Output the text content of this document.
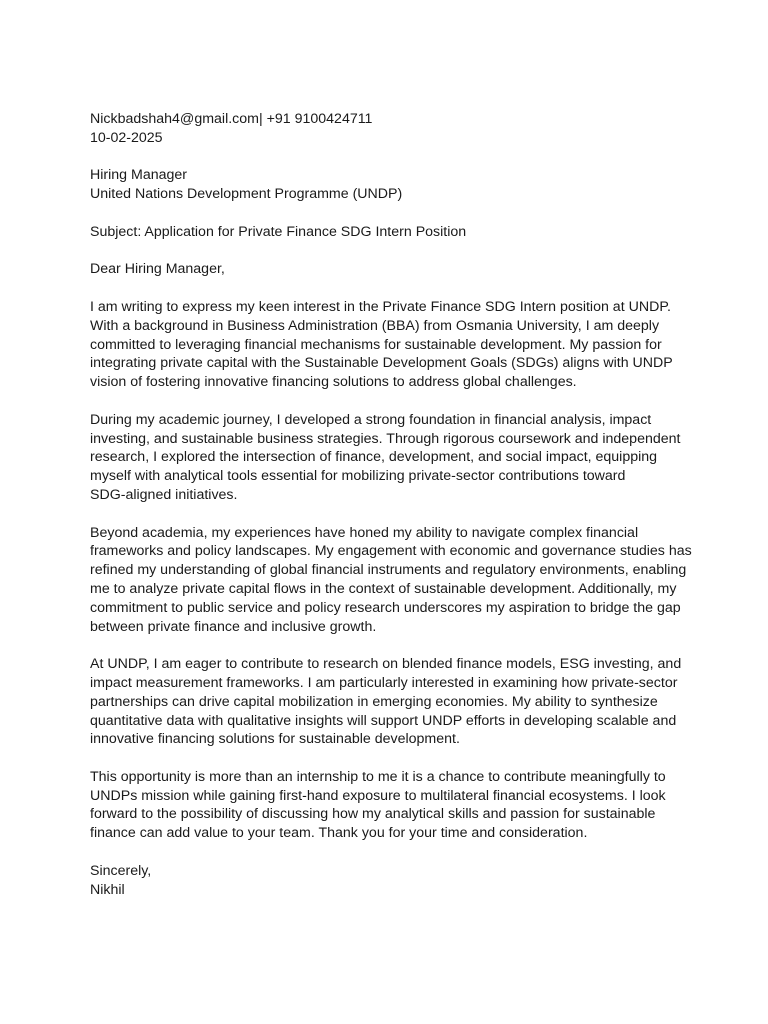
Nickbadshah4@gmail.com| +91 9100424711
10-02-2025
Hiring Manager
United Nations Development Programme (UNDP)
Subject: Application for Private Finance SDG Intern Position
Dear Hiring Manager,
I am writing to express my keen interest in the Private Finance SDG Intern position at UNDP.
With a background in Business Administration (BBA) from Osmania University, I am deeply
committed to leveraging financial mechanisms for sustainable development. My passion for
integrating private capital with the Sustainable Development Goals (SDGs) aligns with UNDP
vision of fostering innovative financing solutions to address global challenges.
During my academic journey, I developed a strong foundation in financial analysis, impact
investing, and sustainable business strategies. Through rigorous coursework and independent
research, I explored the intersection of finance, development, and social impact, equipping
myself with analytical tools essential for mobilizing private-sector contributions toward
SDG-aligned initiatives.
Beyond academia, my experiences have honed my ability to navigate complex financial
frameworks and policy landscapes. My engagement with economic and governance studies has
refined my understanding of global financial instruments and regulatory environments, enabling
me to analyze private capital flows in the context of sustainable development. Additionally, my
commitment to public service and policy research underscores my aspiration to bridge the gap
between private finance and inclusive growth.
At UNDP, I am eager to contribute to research on blended finance models, ESG investing, and
impact measurement frameworks. I am particularly interested in examining how private-sector
partnerships can drive capital mobilization in emerging economies. My ability to synthesize
quantitative data with qualitative insights will support UNDP efforts in developing scalable and
innovative financing solutions for sustainable development.
This opportunity is more than an internship to me it is a chance to contribute meaningfully to
UNDPs mission while gaining first-hand exposure to multilateral financial ecosystems. I look
forward to the possibility of discussing how my analytical skills and passion for sustainable
finance can add value to your team. Thank you for your time and consideration.
Sincerely,
Nikhil
